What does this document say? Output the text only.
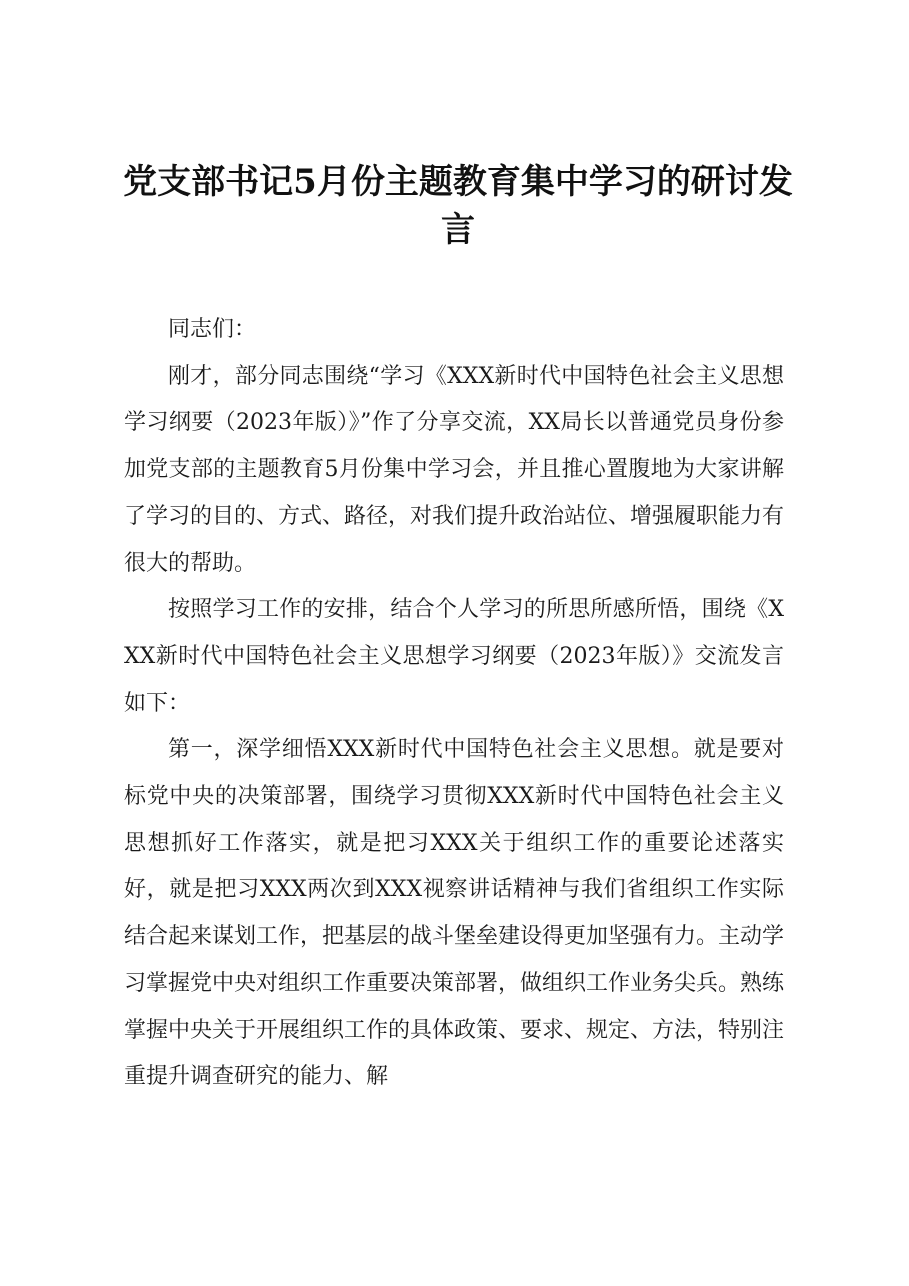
党支部书记5月份主题教育集中学习的研讨发言

同志们：

刚才，部分同志围绕“学习《XXX新时代中国特色社会主义思想学习纲要（2023年版）》”作了分享交流，XX局长以普通党员身份参加党支部的主题教育5月份集中学习会，并且推心置腹地为大家讲解了学习的目的、方式、路径，对我们提升政治站位、增强履职能力有很大的帮助。

按照学习工作的安排，结合个人学习的所思所感所悟，围绕《XXX新时代中国特色社会主义思想学习纲要（2023年版）》交流发言如下：

第一，深学细悟XXX新时代中国特色社会主义思想。就是要对标党中央的决策部署，围绕学习贯彻XXX新时代中国特色社会主义思想抓好工作落实，就是把习XXX关于组织工作的重要论述落实好，就是把习XXX两次到XXX视察讲话精神与我们省组织工作实际结合起来谋划工作，把基层的战斗堡垒建设得更加坚强有力。主动学习掌握党中央对组织工作重要决策部署，做组织工作业务尖兵。熟练掌握中央关于开展组织工作的具体政策、要求、规定、方法，特别注重提升调查研究的能力、解
